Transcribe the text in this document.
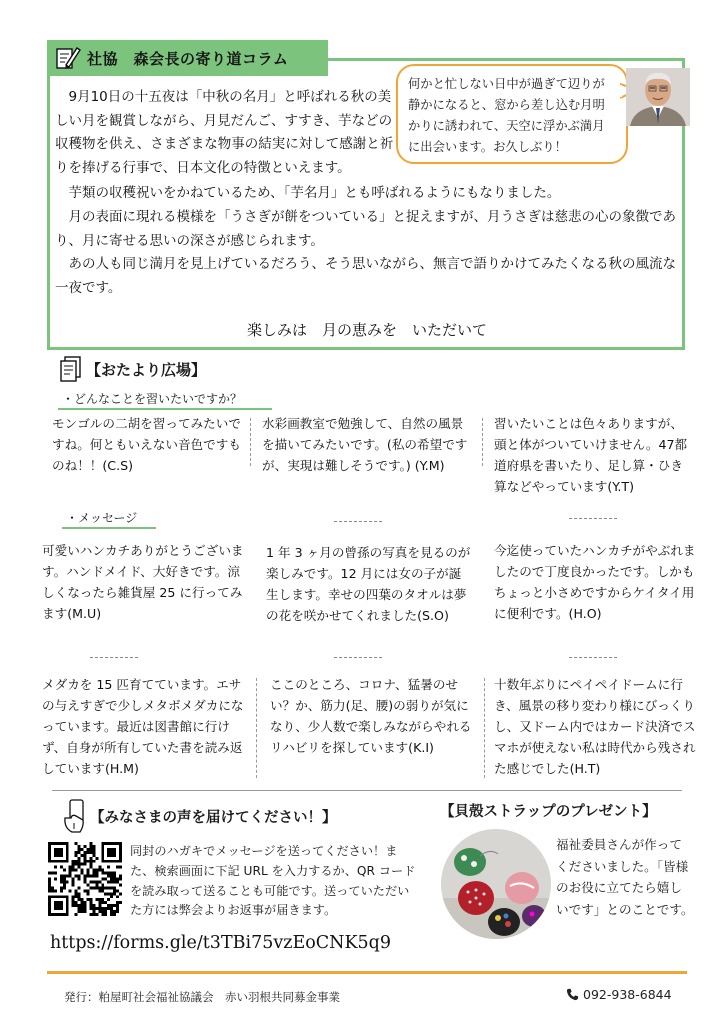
社協　森会長の寄り道コラム
何かと忙しない日中が過ぎて辺りが静かになると、窓から差し込む月明かりに誘われて、天空に浮かぶ満月に出会います。お久しぶり！
　9月10日の十五夜は「中秋の名月」と呼ばれる秋の美しい月を観賞しながら、月見だんご、すすき、芋などの収穫物を供え、さまざまな物事の結実に対して感謝と祈りを捧げる行事で、日本文化の特徴といえます。
　芋類の収穫祝いをかねているため、「芋名月」とも呼ばれるようにもなりました。
　月の表面に現れる模様を「うさぎが餅をついている」と捉えますが、月うさぎは慈悲の心の象徴であり、月に寄せる思いの深さが感じられます。
　あの人も同じ満月を見上げているだろう、そう思いながら、無言で語りかけてみたくなる秋の風流な一夜です。
楽しみは　月の恵みを　いただいて
【おたより広場】
・どんなことを習いたいですか？
モンゴルの二胡を習ってみたいですね。何ともいえない音色ですものね！！(C.S)
水彩画教室で勉強して、自然の風景を描いてみたいです。(私の希望ですが、実現は難しそうです。) (Y.M)
習いたいことは色々ありますが、頭と体がついていけません。47都道府県を書いたり、足し算・ひき算などやっています(Y.T)
・メッセージ
可愛いハンカチありがとうございます。ハンドメイド、大好きです。涼しくなったら雑貨屋 25 に行ってみます(M.U)
1 年 3 ヶ月の曾孫の写真を見るのが楽しみです。12 月には女の子が誕生します。幸せの四葉のタオルは夢の花を咲かせてくれました(S.O)
今迄使っていたハンカチがやぶれましたので丁度良かったです。しかもちょっと小さめですからケイタイ用に便利です。(H.O)
メダカを 15 匹育てています。エサの与えすぎで少しメタボメダカになっています。最近は図書館に行けず、自身が所有していた書を読み返しています(H.M)
ここのところ、コロナ、猛暑のせい？か、筋力(足、腰)の弱りが気になり、少人数で楽しみながらやれるリハビリを探しています(K.I)
十数年ぶりにペイペイドームに行き、風景の移り変わり様にびっくりし、又ドーム内ではカード決済でスマホが使えない私は時代から残された感じでした(H.T)
【みなさまの声を届けてください！】
同封のハガキでメッセージを送ってください！また、検索画面に下記 URL を入力するか、QR コードを読み取って送ることも可能です。送っていただいた方には弊会よりお返事が届きます。
https://forms.gle/t3TBi75vzEoCNK5q9
【貝殻ストラップのプレゼント】
福祉委員さんが作ってくださいました。「皆様のお役に立てたら嬉しいです」とのことです。
発行：粕屋町社会福祉協議会　赤い羽根共同募金事業	092-938-6844
